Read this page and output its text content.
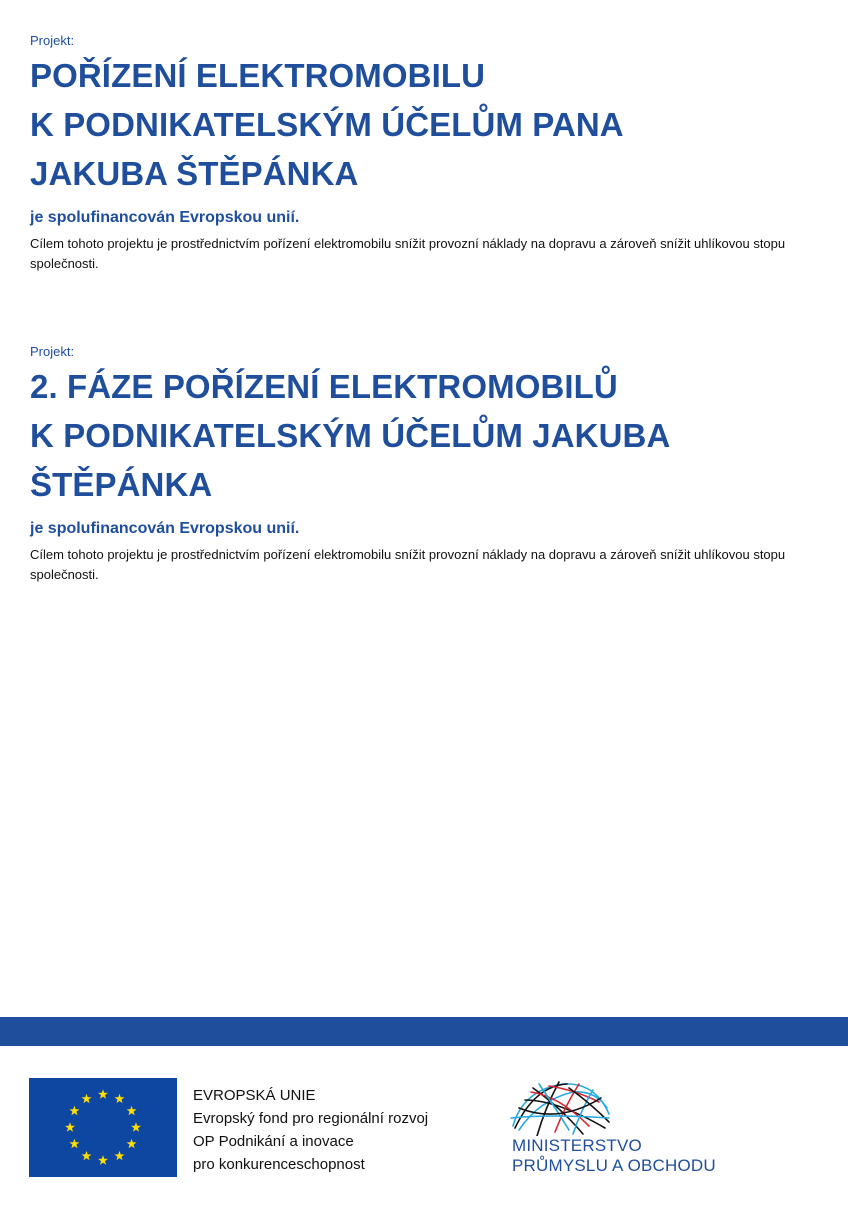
Projekt:
POŘÍZENÍ ELEKTROMOBILU
K PODNIKATELSKÝM ÚČELŮM PANA
JAKUBA ŠTĚPÁNKA
je spolufinancován Evropskou unií.

Cílem tohoto projektu je prostřednictvím pořízení elektromobilu snížit provozní náklady na dopravu a zároveň snížit uhlíkovou stopu společnosti.

Projekt:
2. FÁZE POŘÍZENÍ ELEKTROMOBILŮ
K PODNIKATELSKÝM ÚČELŮM JAKUBA
ŠTĚPÁNKA
je spolufinancován Evropskou unií.

Cílem tohoto projektu je prostřednictvím pořízení elektromobilu snížit provozní náklady na dopravu a zároveň snížit uhlíkovou stopu společnosti.

EVROPSKÁ UNIE
Evropský fond pro regionální rozvoj
OP Podnikání a inovace
pro konkurenceschopnost
MINISTERSTVO
PRŮMYSLU A OBCHODU
